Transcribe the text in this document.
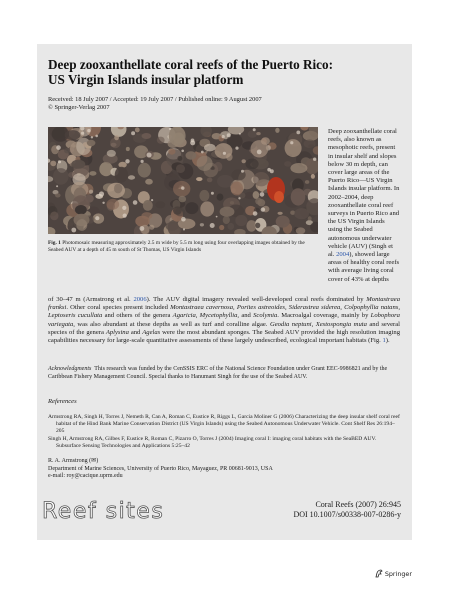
Deep zooxanthellate coral reefs of the Puerto Rico:
US Virgin Islands insular platform
Received: 18 July 2007 / Accepted: 19 July 2007 / Published online: 9 August 2007
© Springer-Verlag 2007
Fig. 1 Photomosaic measuring approximately 2.5 m wide by 5.5 m long using four overlapping images obtained by the Seabed AUV at a depth of 45 m south of St Thomas, US Virgin Islands
Deep zooxanthellate coral reefs, also known as mesophotic reefs, present in insular shelf and slopes below 30 m depth, can cover large areas of the Puerto Rico—US Virgin Islands insular platform. In 2002–2004, deep zooxanthellate coral reef surveys in Puerto Rico and the US Virgin Islands using the Seabed autonomous underwater vehicle (AUV) (Singh et al. 2004), showed large areas of healthy coral reefs with average living coral cover of 43% at depths
of 30–47 m (Armstrong et al. 2006). The AUV digital imagery revealed well-developed coral reefs dominated by Montastraea franksi. Other coral species present included Montastraea cavernosa, Porites astreoides, Siderastrea siderea, Colpophyllia natans, Leptoseris cucullata and others of the genera Agaricia, Mycetophyllia, and Scolymia. Macroalgal coverage, mainly by Lobophora variegata, was also abundant at these depths as well as turf and coralline algae. Geodia neptuni, Xestospongia muta and several species of the genera Aplysina and Agelas were the most abundant sponges. The Seabed AUV provided the high resolution imaging capabilities necessary for large-scale quantitative assessments of these largely undescribed, ecological important habitats (Fig. 1).
Acknowledgments This research was funded by the CenSSIS ERC of the National Science Foundation under Grant EEC-9986821 and by the Caribbean Fishery Management Council. Special thanks to Hanumant Singh for the use of the Seabed AUV.
References

Armstrong RA, Singh H, Torres J, Nemeth R, Can A, Roman C, Eustice R, Riggs L, Garcia Moliner G (2006) Characterizing the deep insular shelf coral reef habitat of the Hind Bank Marine Conservation District (US Virgin Islands) using the Seabed Autonomous Underwater Vehicle. Cont Shelf Res 26:194–205

Singh H, Armstrong RA, Gilbes F, Eustice R, Roman C, Pizarro O, Torres J (2004) Imaging coral I: imaging coral habitats with the SeaBED AUV. Subsurface Sensing Technologies and Applications 5:25–42

R. A. Armstrong (✉)
Department of Marine Sciences, University of Puerto Rico, Mayaguez, PR 00681-9013, USA
e-mail: roy@cacique.uprm.edu
Reef sites	Coral Reefs (2007) 26:945
DOI 10.1007/s00338-007-0286-y
Springer
